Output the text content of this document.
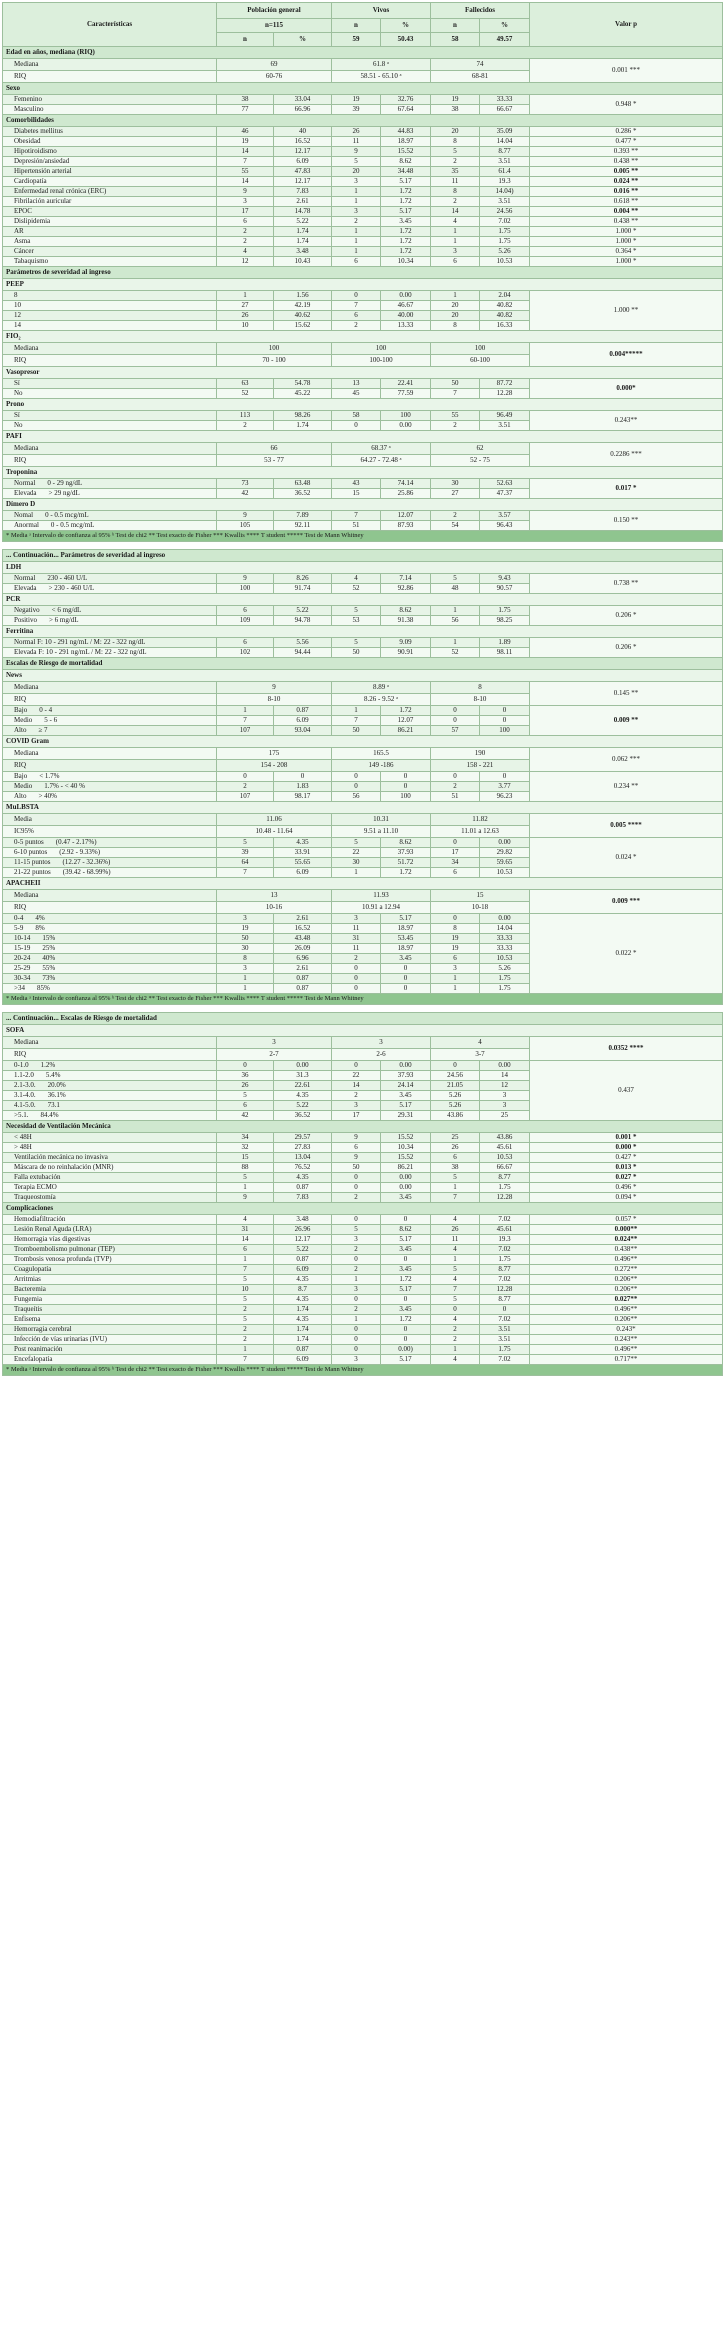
Características	Población general		Vivos		Fallecidos		Valor p
	n=115		n	%	n	%	
	n	%	59	50.43	58	49.57	
Edad en años, mediana (RIQ)							
Mediana	69		61.8 ᵃ		74		0.001 ***
RIQ	60-76		58.51 - 65.10 ᵃ		68-81		
Sexo							
Femenino	38	33.04	19	32.76	19	33.33	0.948 *
Masculino	77	66.96	39	67.64	38	66.67	
Comorbilidades							
Diabetes mellitus	46	40	26	44.83	20	35.09	0.286 *
Obesidad	19	16.52	11	18.97	8	14.04	0.477 *
Hipotiroidismo	14	12.17	9	15.52	5	8.77	0.393 **
Depresión/ansiedad	7	6.09	5	8.62	2	3.51	0.438 **
Hipertensión arterial	55	47.83	20	34.48	35	61.4	0.005 **
Cardiopatía	14	12.17	3	5.17	11	19.3	0.024 **
Enfermedad renal crónica (ERC)	9	7.83	1	1.72	8	14.04)	0.016 **
Fibrilación auricular	3	2.61	1	1.72	2	3.51	0.618 **
EPOC	17	14.78	3	5.17	14	24.56	0.004 **
Dislipidemia	6	5.22	2	3.45	4	7.02	0.438 **
AR	2	1.74	1	1.72	1	1.75	1.000 *
Asma	2	1.74	1	1.72	1	1.75	1.000 *
Cáncer	4	3.48	1	1.72	3	5.26	0.364 *
Tabaquismo	12	10.43	6	10.34	6	10.53	1.000 *
Parámetros de severidad al ingreso							
PEEP							
8	1	1.56	0	0.00	1	2.04	1.000 **
10	27	42.19	7	46.67	20	40.82	
12	26	40.62	6	40.00	20	40.82	
14	10	15.62	2	13.33	8	16.33	
FIO₂							
Mediana	100		100		100		0.004*****
RIQ	70 - 100		100-100		60-100		
Vasopresor							
Sí	63	54.78	13	22.41	50	87.72	0.000*
No	52	45.22	45	77.59	7	12.28	
Prono							
Sí	113	98.26	58	100	55	96.49	0.243**
No	2	1.74	0	0.00	2	3.51	
PAFI							
Mediana	66		68.37 ᵃ		62		0.2286 ***
RIQ	53 - 77		64.27 - 72.48 ᵃ		52 - 75		
Troponina							
Normal 0 - 29 ng/dL	73	63.48	43	74.14	30	52.63	0.017 *
Elevada > 29 ng/dL	42	36.52	15	25.86	27	47.37	
Dímero D							
Nomal 0 - 0.5 mcg/mL	9	7.89	7	12.07	2	3.57	0.150 **
Anormal 0 - 0.5 mcg/mL	105	92.11	51	87.93	54	96.43	
* Media ᵃ Intervalo de confianza al 95% ᵇ Test de chi2 ** Test exacto de Fisher *** Kwallis **** T student ***** Test de Mann Whitney							

... Continuación... Parámetros de severidad al ingreso							
LDH							
Normal 230 - 460 U/L	9	8.26	4	7.14	5	9.43	0.738 **
Elevada > 230 - 460 U/L	100	91.74	52	92.86	48	90.57	
PCR							
Negativo < 6 mg/dL	6	5.22	5	8.62	1	1.75	0.206 *
Positivo > 6 mg/dL	109	94.78	53	91.38	56	98.25	
Ferritina							
Normal F: 10 - 291 ng/mL / M: 22 - 322 ng/dL	6	5.56	5	9.09	1	1.89	0.206 *
Elevada F: 10 - 291 ng/mL / M: 22 - 322 ng/dL	102	94.44	50	90.91	52	98.11	
Escalas de Riesgo de mortalidad							
News							
Mediana	9		8.89 ᵃ		8		0.145 **
RIQ	8-10		8.26 - 9.52 ᵃ		8-10		
Bajo 0 - 4	1	0.87	1	1.72	0	0	0.009 **
Medio 5 - 6	7	6.09	7	12.07	0	0	
Alto ≥ 7	107	93.04	50	86.21	57	100	
COVID Gram							
Mediana	175		165.5		190		0.062 ***
RIQ	154 - 208		149 -186		158 - 221		
Bajo < 1.7%	0	0	0	0	0	0	0.234 **
Medio 1.7% - < 40 %	2	1.83	0	0	2	3.77	
Alto > 40%	107	98.17	56	100	51	96.23	
MuLBSTA							
Media	11.06		10.31		11.82		0.005 ****
IC95%	10.48 - 11.64		9.51 a 11.10		11.01 a 12.63		
0-5 puntos (0.47 - 2.17%)	5	4.35	5	8.62	0	0.00	0.024 *
6-10 puntos (2.92 - 9.33%)	39	33.91	22	37.93	17	29.82	
11-15 puntos (12.27 - 32.36%)	64	55.65	30	51.72	34	59.65	
21-22 puntos (39.42 - 68.99%)	7	6.09	1	1.72	6	10.53	
APACHEII							
Mediana	13		11.93		15		0.009 ***
RIQ	10-16		10.91 a 12.94		10-18		
0-4 4%	3	2.61	3	5.17	0	0.00	0.022 *
5-9 8%	19	16.52	11	18.97	8	14.04	
10-14 15%	50	43.48	31	53.45	19	33.33	
15-19 25%	30	26.09	11	18.97	19	33.33	
20-24 40%	8	6.96	2	3.45	6	10.53	
25-29 55%	3	2.61	0	0	3	5.26	
30-34 73%	1	0.87	0	0	1	1.75	
>34 85%	1	0.87	0	0	1	1.75	
* Media ᵃ Intervalo de confianza al 95% ᵇ Test de chi2 ** Test exacto de Fisher *** Kwallis **** T student ***** Test de Mann Whitney							

... Continuación... Escalas de Riesgo de mortalidad							
SOFA							
Mediana	3		3		4		0.0352 ****
RIQ	2-7		2-6		3-7		
0-1.0 1.2%	0	0.00	0	0.00	0	0.00	0.437
1.1-2.0 5.4%	36	31.3	22	37.93	24.56	14	
2.1-3.0. 20.0%	26	22.61	14	24.14	21.05	12	
3.1-4.0. 36.1%	5	4.35	2	3.45	5.26	3	
4.1-5.0. 73.1	6	5.22	3	5.17	5.26	3	
>5.1. 84.4%	42	36.52	17	29.31	43.86	25	
Necesidad de Ventilación Mecánica							
< 48H	34	29.57	9	15.52	25	43.86	0.001 *
> 48H	32	27.83	6	10.34	26	45.61	0.000 *
Ventilación mecánica no invasiva	15	13.04	9	15.52	6	10.53	0.427 *
Máscara de no reinhalación (MNR)	88	76.52	50	86.21	38	66.67	0.013 *
Falla extubación	5	4.35	0	0.00	5	8.77	0.027 *
Terapia ECMO	1	0.87	0	0.00	1	1.75	0.496 *
Traqueostomía	9	7.83	2	3.45	7	12.28	0.094 *
Complicaciones							
Hemodiafiltración	4	3.48	0	0	4	7.02	0.057 *
Lesión Renal Aguda (LRA)	31	26.96	5	8.62	26	45.61	0.000**
Hemorragia vías digestivas	14	12.17	3	5.17	11	19.3	0.024**
Tromboembolismo pulmonar (TEP)	6	5.22	2	3.45	4	7.02	0.438**
Trombosis venosa profunda (TVP)	1	0.87	0	0	1	1.75	0.496**
Coagulopatía	7	6.09	2	3.45	5	8.77	0.272**
Arritmias	5	4.35	1	1.72	4	7.02	0.206**
Bacteremia	10	8.7	3	5.17	7	12.28	0.206**
Fungemia	5	4.35	0	0	5	8.77	0.027**
Traqueítis	2	1.74	2	3.45	0	0	0.496**
Enfisema	5	4.35	1	1.72	4	7.02	0.206**
Hemorragia cerebral	2	1.74	0	0	2	3.51	0.243*
Infección de vías urinarias (IVU)	2	1.74	0	0	2	3.51	0.243**
Post reanimación	1	0.87	0	0.00)	1	1.75	0.496**
Encefalopatía	7	6.09	3	5.17	4	7.02	0.717**
* Media ᵃ Intervalo de confianza al 95% ᵇ Test de chi2 ** Test exacto de Fisher *** Kwallis **** T student ***** Test de Mann Whitney							
